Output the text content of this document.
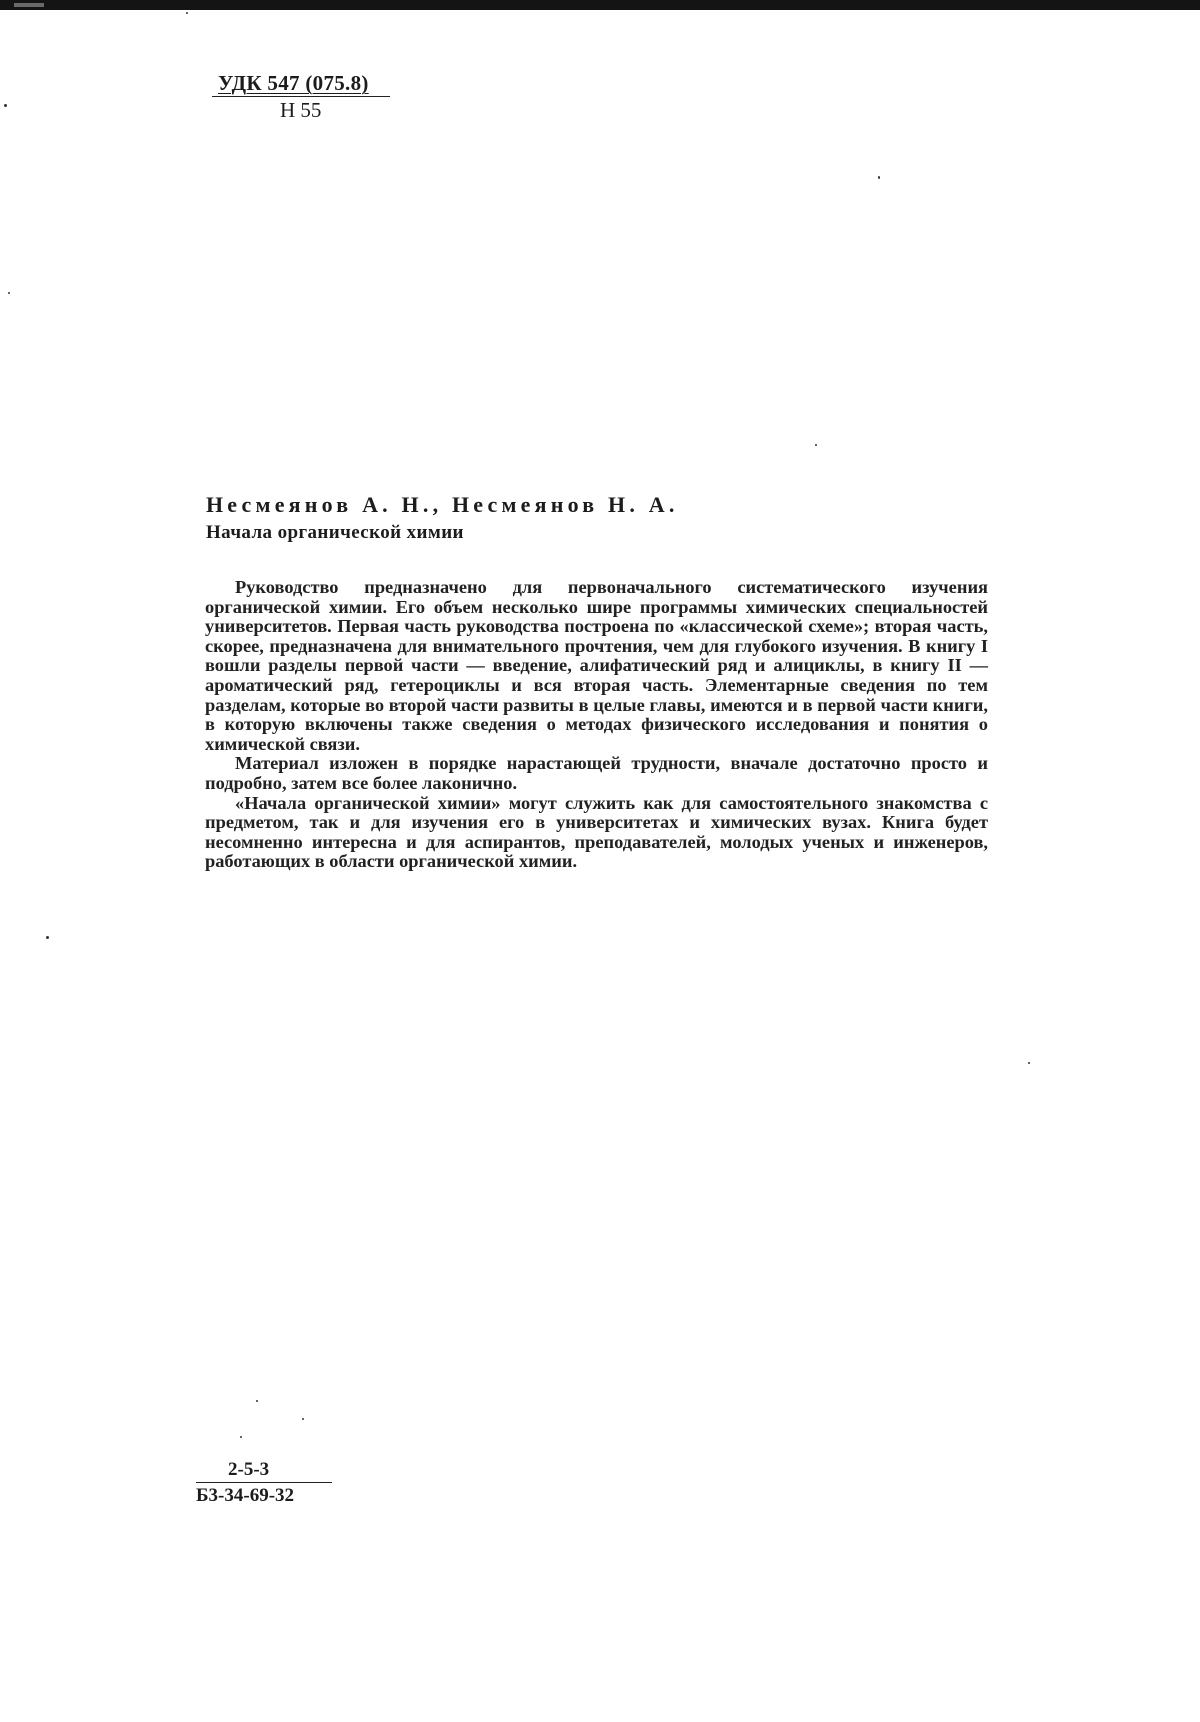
УДК 547 (075.8)
Н 55
Несмеянов А. Н., Несмеянов Н. А.
Начала органической химии

Руководство предназначено для первоначального систематического изучения органической химии. Его объем несколько шире программы химических специальностей университетов. Первая часть руководства построена по «классической схеме»; вторая часть, скорее, предназначена для внимательного прочтения, чем для глубокого изучения. В книгу I вошли разделы первой части — введение, алифатический ряд и алициклы, в книгу II — ароматический ряд, гетероциклы и вся вторая часть. Элементарные сведения по тем разделам, которые во второй части развиты в целые главы, имеются и в первой части книги, в которую включены также сведения о методах физического исследования и понятия о химической связи.

Материал изложен в порядке нарастающей трудности, вначале достаточно просто и подробно, затем все более лаконично.

«Начала органической химии» могут служить как для самостоятельного знакомства с предметом, так и для изучения его в университетах и химических вузах. Книга будет несомненно интересна и для аспирантов, преподавателей, молодых ученых и инженеров, работающих в области органической химии.

2-5-3
Б3-34-69-32
